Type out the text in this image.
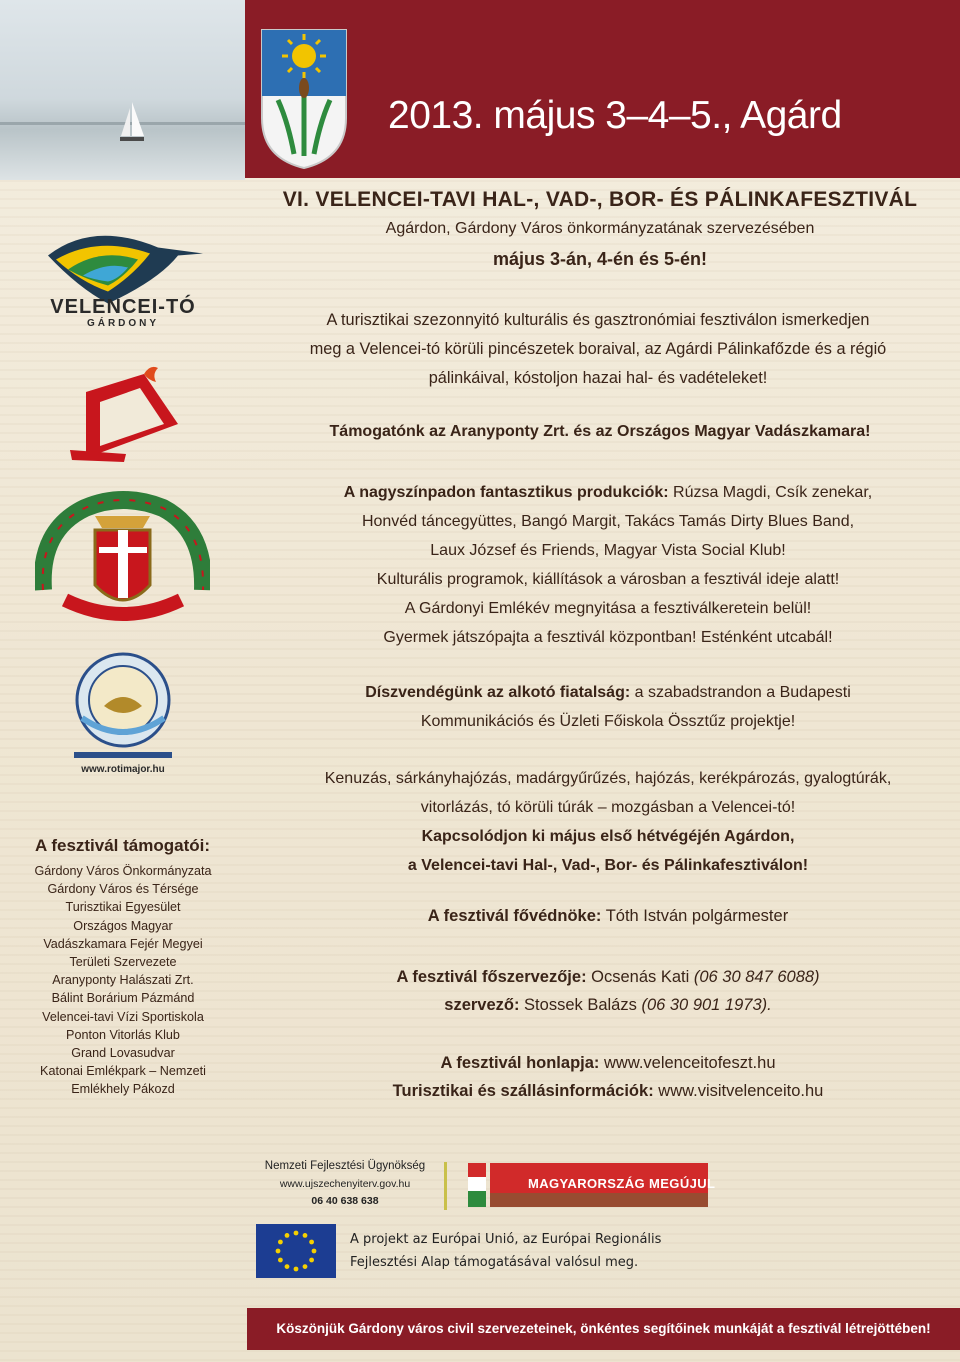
VELENCEI-TÓ
GÁRDONY
www.rotimajor.hu
A fesztivál támogatói:
Gárdony Város Önkormányzata
Gárdony Város és Térsége
Turisztikai Egyesület
Országos Magyar
Vadászkamara Fejér Megyei
Területi Szervezete
Aranyponty Halászati Zrt.
Bálint Borárium Pázmánd
Velencei-tavi Vízi Sportiskola
Ponton Vitorlás Klub
Grand Lovasudvar
Katonai Emlékpark – Nemzeti
Emlékhely Pákozd
2013. május 3–4–5., Agárd
VI. VELENCEI-TAVI HAL-, VAD-, BOR- ÉS PÁLINKAFESZTIVÁL
Agárdon, Gárdony Város önkormányzatának szervezésében
május 3-án, 4-én és 5-én!
A turisztikai szezonnyitó kulturális és gasztronómiai fesztiválon ismerkedjen
meg a Velencei-tó körüli pincészetek boraival, az Agárdi Pálinkafőzde és a régió
pálinkáival, kóstoljon hazai hal- és vadételeket!
Támogatónk az Aranyponty Zrt. és az Országos Magyar Vadászkamara!
A nagyszínpadon fantasztikus produkciók: Rúzsa Magdi, Csík zenekar,
Honvéd táncegyüttes, Bangó Margit, Takács Tamás Dirty Blues Band,
Laux József és Friends, Magyar Vista Social Klub!
Kulturális programok, kiállítások a városban a fesztivál ideje alatt!
A Gárdonyi Emlékév megnyitása a fesztiválkeretein belül!
Gyermek játszópajta a fesztivál központban! Esténként utcabál!
Díszvendégünk az alkotó fiatalság: a szabadstrandon a Budapesti
Kommunikációs és Üzleti Főiskola Össztűz projektje!
Kenuzás, sárkányhajózás, madárgyűrűzés, hajózás, kerékpározás, gyalogtúrák,
vitorlázás, tó körüli túrák – mozgásban a Velencei-tó!
Kapcsolódjon ki május első hétvégéjén Agárdon,
a Velencei-tavi Hal-, Vad-, Bor- és Pálinkafesztiválon!
A fesztivál fővédnöke: Tóth István polgármester
A fesztivál főszervezője: Ocsenás Kati (06 30 847 6088)
szervező: Stossek Balázs (06 30 901 1973).
A fesztivál honlapja: www.velenceitofeszt.hu
Turisztikai és szállásinformációk: www.visitvelenceito.hu
Nemzeti Fejlesztési Ügynökség
www.ujszechenyiterv.gov.hu
06 40 638 638
MAGYARORSZÁG MEGÚJUL
A projekt az Európai Unió, az Európai Regionális
Fejlesztési Alap támogatásával valósul meg.
Köszönjük Gárdony város civil szervezeteinek, önkéntes segítőinek munkáját a fesztivál létrejöttében!
